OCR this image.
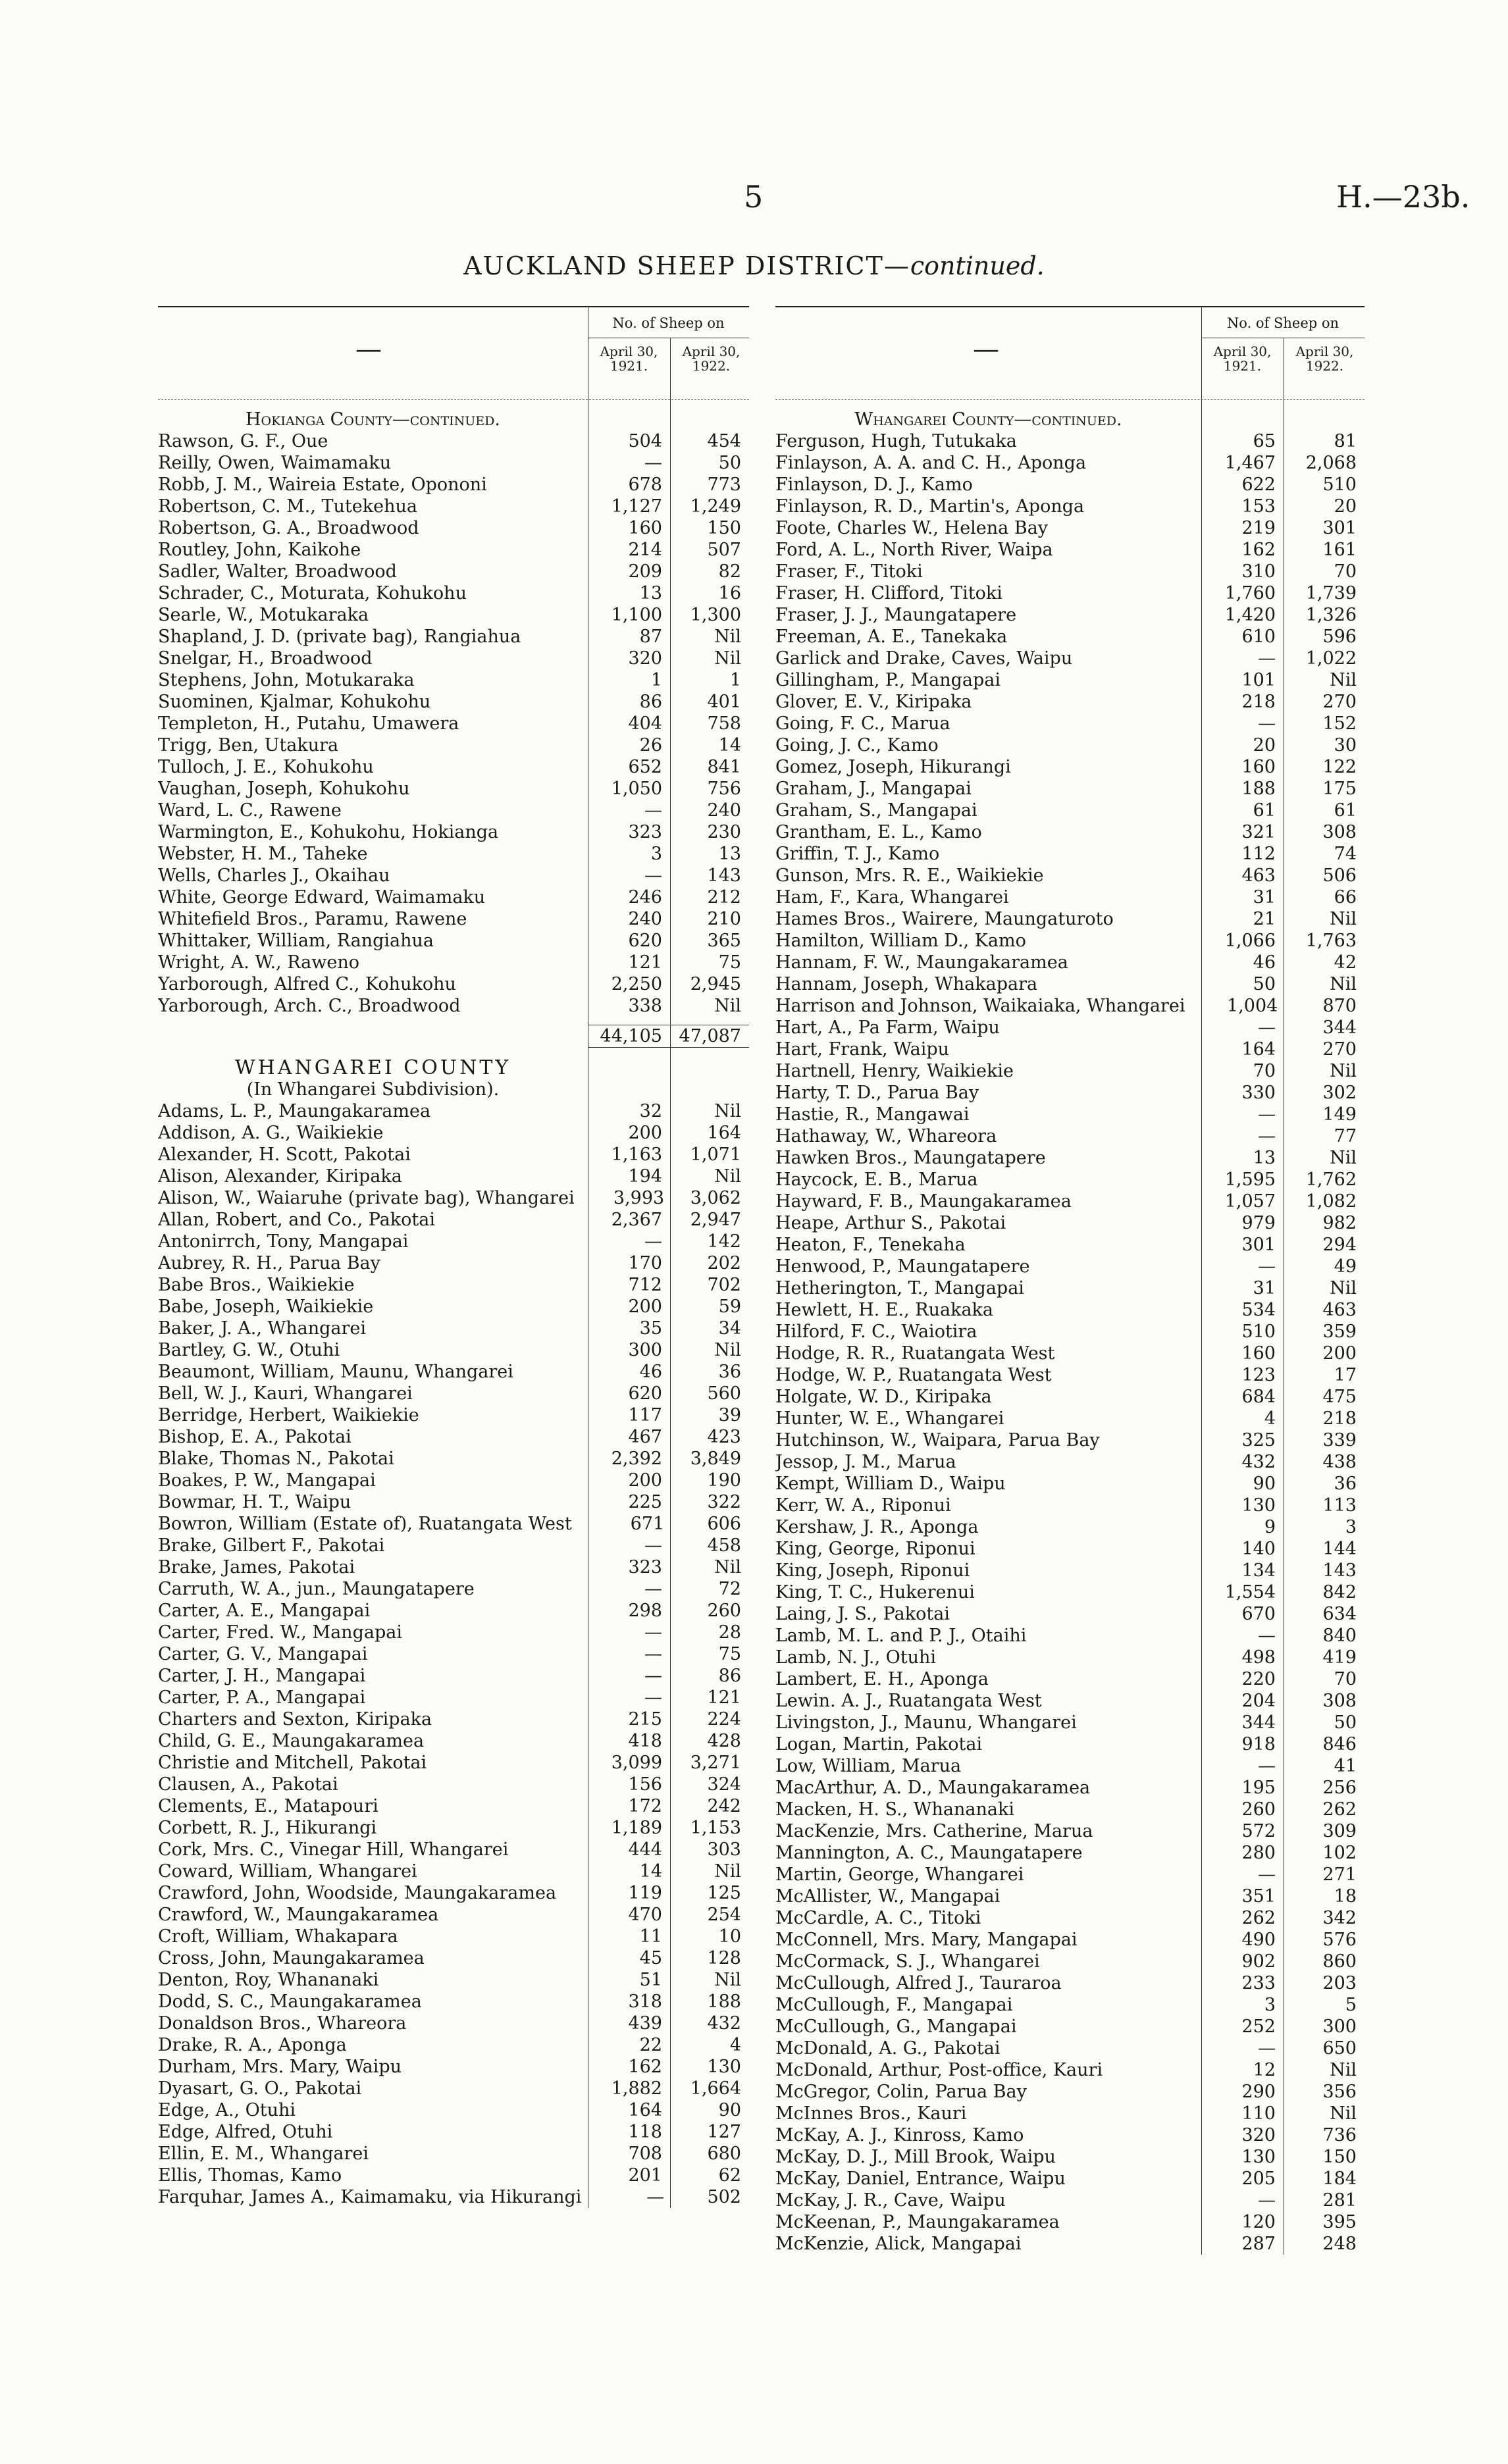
5	H.—23b.
AUCKLAND SHEEP DISTRICT—continued.
—
No. of Sheep on
April 30, 1921.
April 30, 1922.
Hokianga County—continued.
Rawson, G. F., Oue	504	454
Reilly, Owen, Waimamaku	—	50
Robb, J. M., Waireia Estate, Opononi	678	773
Robertson, C. M., Tutekehua	1,127	1,249
Robertson, G. A., Broadwood	160	150
Routley, John, Kaikohe	214	507
Sadler, Walter, Broadwood	209	82
Schrader, C., Moturata, Kohukohu	13	16
Searle, W., Motukaraka	1,100	1,300
Shapland, J. D. (private bag), Rangiahua	87	Nil
Snelgar, H., Broadwood	320	Nil
Stephens, John, Motukaraka	1	1
Suominen, Kjalmar, Kohukohu	86	401
Templeton, H., Putahu, Umawera	404	758
Trigg, Ben, Utakura	26	14
Tulloch, J. E., Kohukohu	652	841
Vaughan, Joseph, Kohukohu	1,050	756
Ward, L. C., Rawene	—	240
Warmington, E., Kohukohu, Hokianga	323	230
Webster, H. M., Taheke	3	13
Wells, Charles J., Okaihau	—	143
White, George Edward, Waimamaku	246	212
Whitefield Bros., Paramu, Rawene	240	210
Whittaker, William, Rangiahua	620	365
Wright, A. W., Raweno	121	75
Yarborough, Alfred C., Kohukohu	2,250	2,945
Yarborough, Arch. C., Broadwood	338	Nil
44,105 47,087
WHANGAREI COUNTY
(In Whangarei Subdivision).
Adams, L. P., Maungakaramea	32	Nil
Addison, A. G., Waikiekie	200	164
Alexander, H. Scott, Pakotai	1,163	1,071
Alison, Alexander, Kiripaka	194	Nil
Alison, W., Waiaruhe (private bag), Whangarei	3,993	3,062
Allan, Robert, and Co., Pakotai	2,367	2,947
Antonirrch, Tony, Mangapai	—	142
Aubrey, R. H., Parua Bay	170	202
Babe Bros., Waikiekie	712	702
Babe, Joseph, Waikiekie	200	59
Baker, J. A., Whangarei	35	34
Bartley, G. W., Otuhi	300	Nil
Beaumont, William, Maunu, Whangarei	46	36
Bell, W. J., Kauri, Whangarei	620	560
Berridge, Herbert, Waikiekie	117	39
Bishop, E. A., Pakotai	467	423
Blake, Thomas N., Pakotai	2,392	3,849
Boakes, P. W., Mangapai	200	190
Bowmar, H. T., Waipu	225	322
Bowron, William (Estate of), Ruatangata West	671	606
Brake, Gilbert F., Pakotai	—	458
Brake, James, Pakotai	323	Nil
Carruth, W. A., jun., Maungatapere	—	72
Carter, A. E., Mangapai	298	260
Carter, Fred. W., Mangapai	—	28
Carter, G. V., Mangapai	—	75
Carter, J. H., Mangapai	—	86
Carter, P. A., Mangapai	—	121
Charters and Sexton, Kiripaka	215	224
Child, G. E., Maungakaramea	418	428
Christie and Mitchell, Pakotai	3,099	3,271
Clausen, A., Pakotai	156	324
Clements, E., Matapouri	172	242
Corbett, R. J., Hikurangi	1,189	1,153
Cork, Mrs. C., Vinegar Hill, Whangarei	444	303
Coward, William, Whangarei	14	Nil
Crawford, John, Woodside, Maungakaramea	119	125
Crawford, W., Maungakaramea	470	254
Croft, William, Whakapara	11	10
Cross, John, Maungakaramea	45	128
Denton, Roy, Whananaki	51	Nil
Dodd, S. C., Maungakaramea	318	188
Donaldson Bros., Whareora	439	432
Drake, R. A., Aponga	22	4
Durham, Mrs. Mary, Waipu	162	130
Dyasart, G. O., Pakotai	1,882	1,664
Edge, A., Otuhi	164	90
Edge, Alfred, Otuhi	118	127
Ellin, E. M., Whangarei	708	680
Ellis, Thomas, Kamo	201	62
Farquhar, James A., Kaimamaku, via Hikurangi	—	502
—
No. of Sheep on
April 30, 1921.
April 30, 1922.
Whangarei County—continued.
Ferguson, Hugh, Tutukaka	65	81
Finlayson, A. A. and C. H., Aponga	1,467	2,068
Finlayson, D. J., Kamo	622	510
Finlayson, R. D., Martin's, Aponga	153	20
Foote, Charles W., Helena Bay	219	301
Ford, A. L., North River, Waipa	162	161
Fraser, F., Titoki	310	70
Fraser, H. Clifford, Titoki	1,760	1,739
Fraser, J. J., Maungatapere	1,420	1,326
Freeman, A. E., Tanekaka	610	596
Garlick and Drake, Caves, Waipu	—	1,022
Gillingham, P., Mangapai	101	Nil
Glover, E. V., Kiripaka	218	270
Going, F. C., Marua	—	152
Going, J. C., Kamo	20	30
Gomez, Joseph, Hikurangi	160	122
Graham, J., Mangapai	188	175
Graham, S., Mangapai	61	61
Grantham, E. L., Kamo	321	308
Griffin, T. J., Kamo	112	74
Gunson, Mrs. R. E., Waikiekie	463	506
Ham, F., Kara, Whangarei	31	66
Hames Bros., Wairere, Maungaturoto	21	Nil
Hamilton, William D., Kamo	1,066	1,763
Hannam, F. W., Maungakaramea	46	42
Hannam, Joseph, Whakapara	50	Nil
Harrison and Johnson, Waikaiaka, Whangarei	1,004	870
Hart, A., Pa Farm, Waipu	—	344
Hart, Frank, Waipu	164	270
Hartnell, Henry, Waikiekie	70	Nil
Harty, T. D., Parua Bay	330	302
Hastie, R., Mangawai	—	149
Hathaway, W., Whareora	—	77
Hawken Bros., Maungatapere	13	Nil
Haycock, E. B., Marua	1,595	1,762
Hayward, F. B., Maungakaramea	1,057	1,082
Heape, Arthur S., Pakotai	979	982
Heaton, F., Tenekaha	301	294
Henwood, P., Maungatapere	—	49
Hetherington, T., Mangapai	31	Nil
Hewlett, H. E., Ruakaka	534	463
Hilford, F. C., Waiotira	510	359
Hodge, R. R., Ruatangata West	160	200
Hodge, W. P., Ruatangata West	123	17
Holgate, W. D., Kiripaka	684	475
Hunter, W. E., Whangarei	4	218
Hutchinson, W., Waipara, Parua Bay	325	339
Jessop, J. M., Marua	432	438
Kempt, William D., Waipu	90	36
Kerr, W. A., Riponui	130	113
Kershaw, J. R., Aponga	9	3
King, George, Riponui	140	144
King, Joseph, Riponui	134	143
King, T. C., Hukerenui	1,554	842
Laing, J. S., Pakotai	670	634
Lamb, M. L. and P. J., Otaihi	—	840
Lamb, N. J., Otuhi	498	419
Lambert, E. H., Aponga	220	70
Lewin. A. J., Ruatangata West	204	308
Livingston, J., Maunu, Whangarei	344	50
Logan, Martin, Pakotai	918	846
Low, William, Marua	—	41
MacArthur, A. D., Maungakaramea	195	256
Macken, H. S., Whananaki	260	262
MacKenzie, Mrs. Catherine, Marua	572	309
Mannington, A. C., Maungatapere	280	102
Martin, George, Whangarei	—	271
McAllister, W., Mangapai	351	18
McCardle, A. C., Titoki	262	342
McConnell, Mrs. Mary, Mangapai	490	576
McCormack, S. J., Whangarei	902	860
McCullough, Alfred J., Tauraroa	233	203
McCullough, F., Mangapai	3	5
McCullough, G., Mangapai	252	300
McDonald, A. G., Pakotai	—	650
McDonald, Arthur, Post-office, Kauri	12	Nil
McGregor, Colin, Parua Bay	290	356
McInnes Bros., Kauri	110	Nil
McKay, A. J., Kinross, Kamo	320	736
McKay, D. J., Mill Brook, Waipu	130	150
McKay, Daniel, Entrance, Waipu	205	184
McKay, J. R., Cave, Waipu	—	281
McKeenan, P., Maungakaramea	120	395
McKenzie, Alick, Mangapai	287	248
